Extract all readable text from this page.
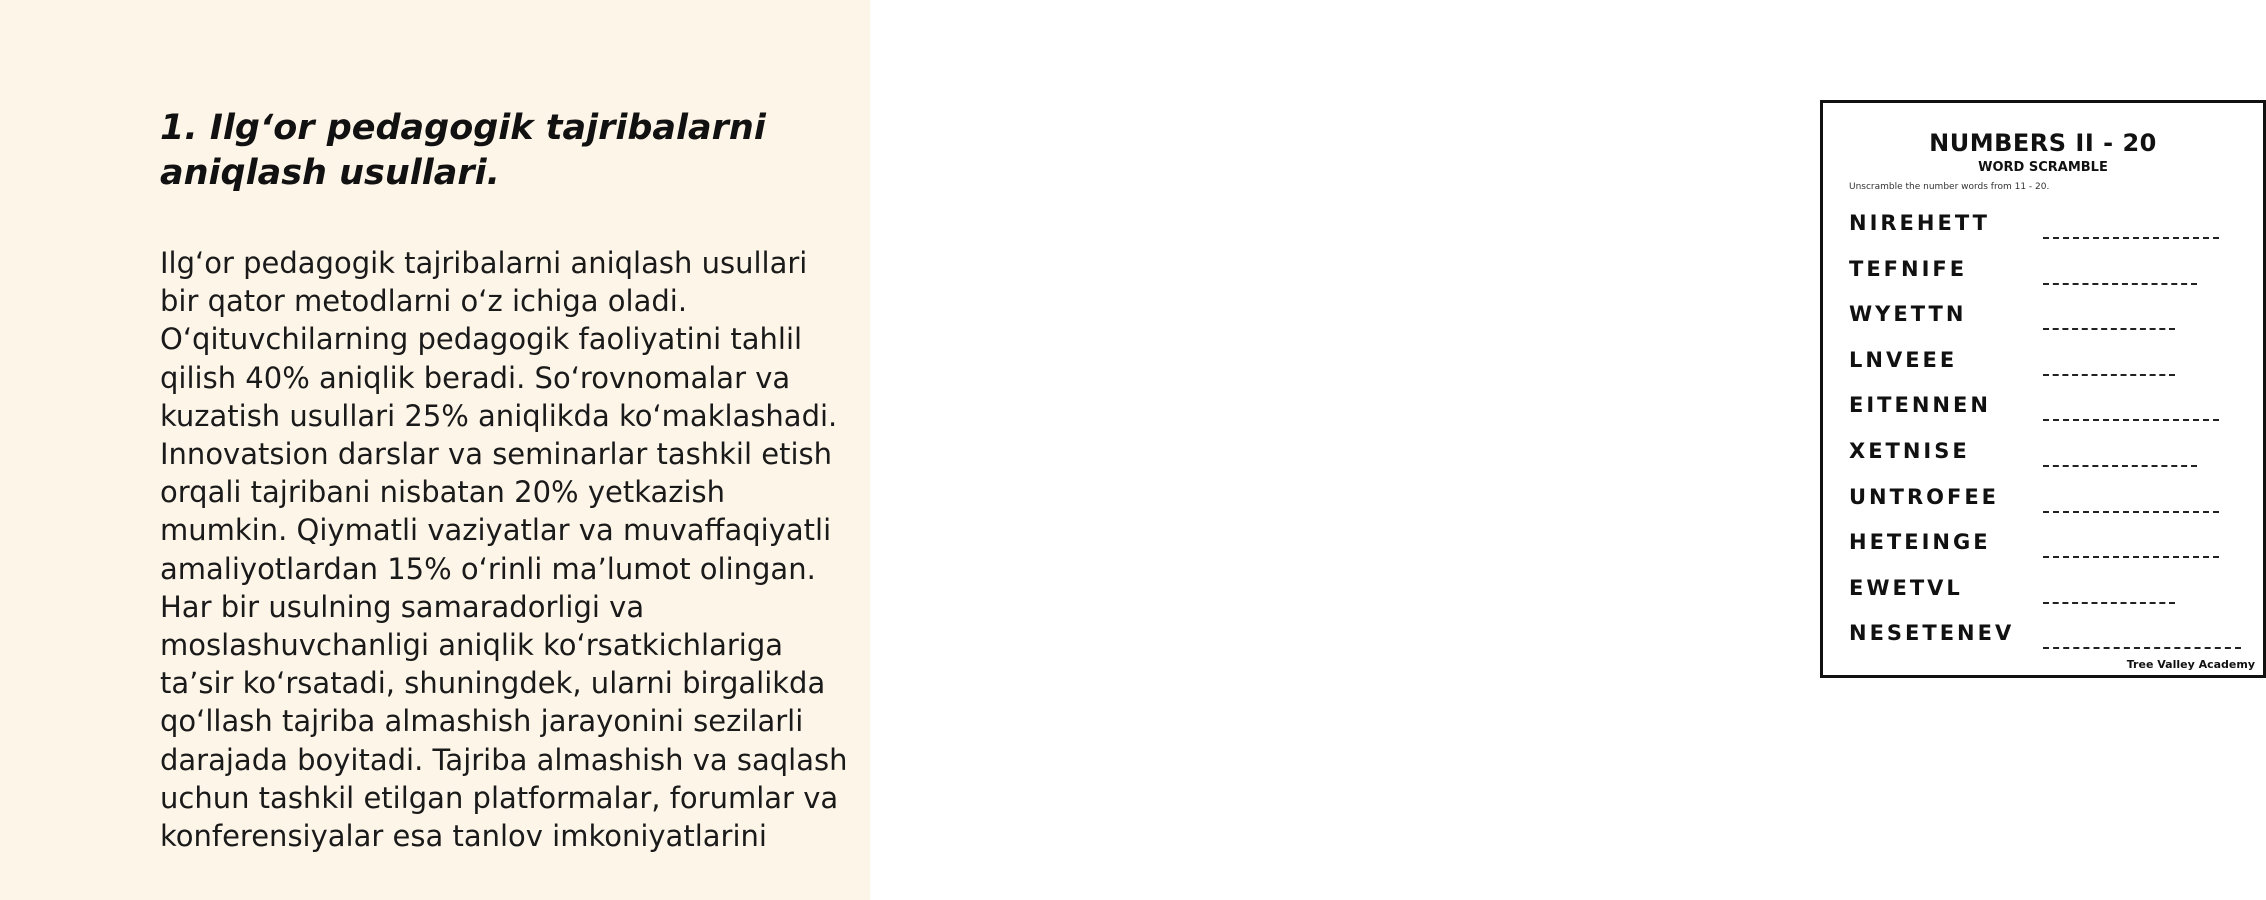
1. Ilg‘or pedagogik tajribalarni aniqlash usullari.

Ilg‘or pedagogik tajribalarni aniqlash usullari bir qator metodlarni o‘z ichiga oladi. O‘qituvchilarning pedagogik faoliyatini tahlil qilish 40% aniqlik beradi. So‘rovnomalar va kuzatish usullari 25% aniqlikda ko‘maklashadi. Innovatsion darslar va seminarlar tashkil etish orqali tajribani nisbatan 20% yetkazish mumkin. Qiymatli vaziyatlar va muvaffaqiyatli amaliyotlardan 15% o‘rinli ma’lumot olingan. Har bir usulning samaradorligi va moslashuvchanligi aniqlik ko‘rsatkichlariga ta’sir ko‘rsatadi, shuningdek, ularni birgalikda qo‘llash tajriba almashish jarayonini sezilarli darajada boyitadi. Tajriba almashish va saqlash uchun tashkil etilgan platformalar, forumlar va konferensiyalar esa tanlov imkoniyatlarini

NUMBERS II - 20
WORD SCRAMBLE
Unscramble the number words from 11 - 20.
NIREHETT
TEFNIFE
WYETTN
LNVEEE
EITENNEN
XETNISE
UNTROFEE
HETEINGE
EWETVL
NESETENEV
Tree Valley Academy
